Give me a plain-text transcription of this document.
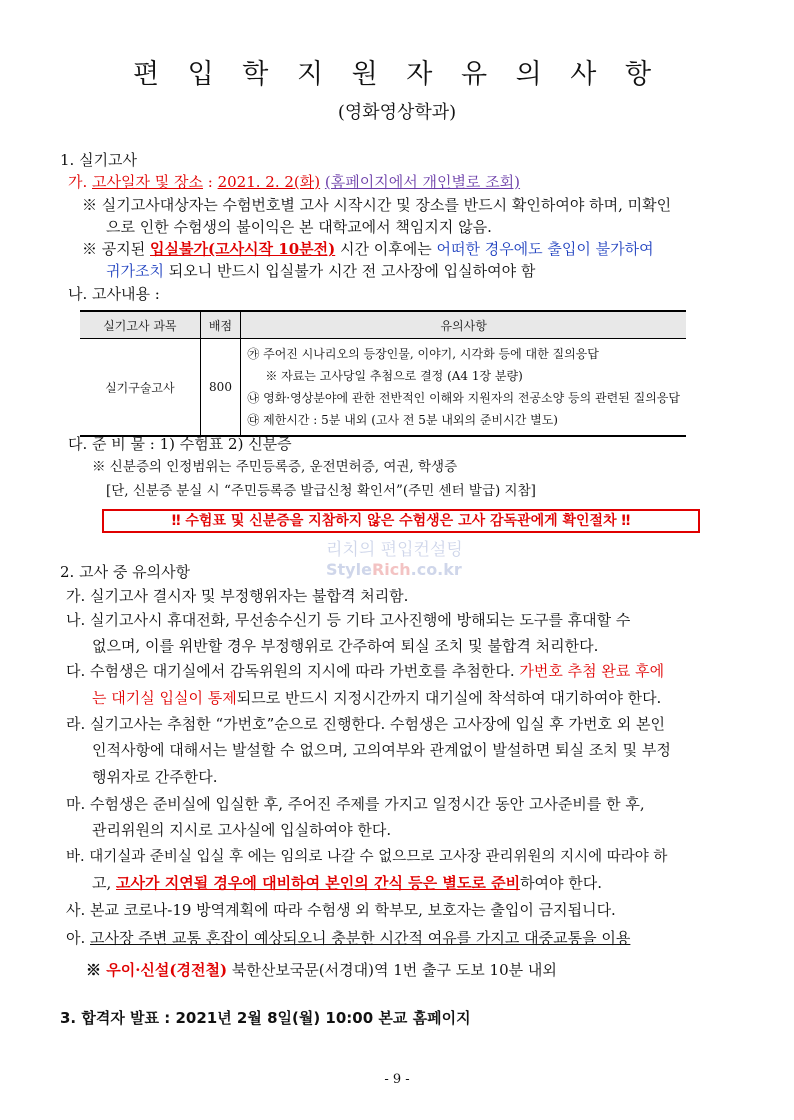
편 입 학 지 원 자 유 의 사 항
(영화영상학과)
1. 실기고사
가. 고사일자 및 장소 : 2021. 2. 2(화) (홈페이지에서 개인별로 조회)
※ 실기고사대상자는 수험번호별 고사 시작시간 및 장소를 반드시 확인하여야 하며, 미확인
으로 인한 수험생의 불이익은 본 대학교에서 책임지지 않음.
※ 공지된 입실불가(고사시작 10분전) 시간 이후에는 어떠한 경우에도 출입이 불가하여
귀가조치 되오니 반드시 입실불가 시간 전 고사장에 입실하여야 함
나. 고사내용 :
실기고사 과목	배점	유의사항
실기구술고사	800	㉮ 주어진 시나리오의 등장인물, 이야기, 시각화 등에 대한 질의응답
※ 자료는 고사당일 추첨으로 결정 (A4 1장 분량)
㉯ 영화·영상분야에 관한 전반적인 이해와 지원자의 전공소양 등의 관련된 질의응답
㉰ 제한시간 : 5분 내외 (고사 전 5분 내외의 준비시간 별도)
다. 준 비 물 : 1) 수험표 2) 신분증
※ 신분증의 인정범위는 주민등록증, 운전면허증, 여권, 학생증
[단, 신분증 분실 시 “주민등록증 발급신청 확인서”(주민 센터 발급) 지참]
‼ 수험표 및 신분증을 지참하지 않은 수험생은 고사 감독관에게 확인절차 ‼
리치의 편입컨설팅
StyleRich.co.kr
2. 고사 중 유의사항
가. 실기고사 결시자 및 부정행위자는 불합격 처리함.
나. 실기고사시 휴대전화, 무선송수신기 등 기타 고사진행에 방해되는 도구를 휴대할 수
없으며, 이를 위반할 경우 부정행위로 간주하여 퇴실 조치 및 불합격 처리한다.
다. 수험생은 대기실에서 감독위원의 지시에 따라 가번호를 추첨한다. 가번호 추첨 완료 후에
는 대기실 입실이 통제되므로 반드시 지정시간까지 대기실에 착석하여 대기하여야 한다.
라. 실기고사는 추첨한 “가번호”순으로 진행한다. 수험생은 고사장에 입실 후 가번호 외 본인
인적사항에 대해서는 발설할 수 없으며, 고의여부와 관계없이 발설하면 퇴실 조치 및 부정
행위자로 간주한다.
마. 수험생은 준비실에 입실한 후, 주어진 주제를 가지고 일정시간 동안 고사준비를 한 후,
관리위원의 지시로 고사실에 입실하여야 한다.
바. 대기실과 준비실 입실 후 에는 임의로 나갈 수 없으므로 고사장 관리위원의 지시에 따라야 하
고, 고사가 지연될 경우에 대비하여 본인의 간식 등은 별도로 준비하여야 한다.
사. 본교 코로나-19 방역계획에 따라 수험생 외 학부모, 보호자는 출입이 금지됩니다.
아. 고사장 주변 교통 혼잡이 예상되오니 충분한 시간적 여유를 가지고 대중교통을 이용
※ 우이·신설(경전철) 북한산보국문(서경대)역 1번 출구 도보 10분 내외
3. 합격자 발표 : 2021년 2월 8일(월) 10:00 본교 홈페이지
- 9 -
